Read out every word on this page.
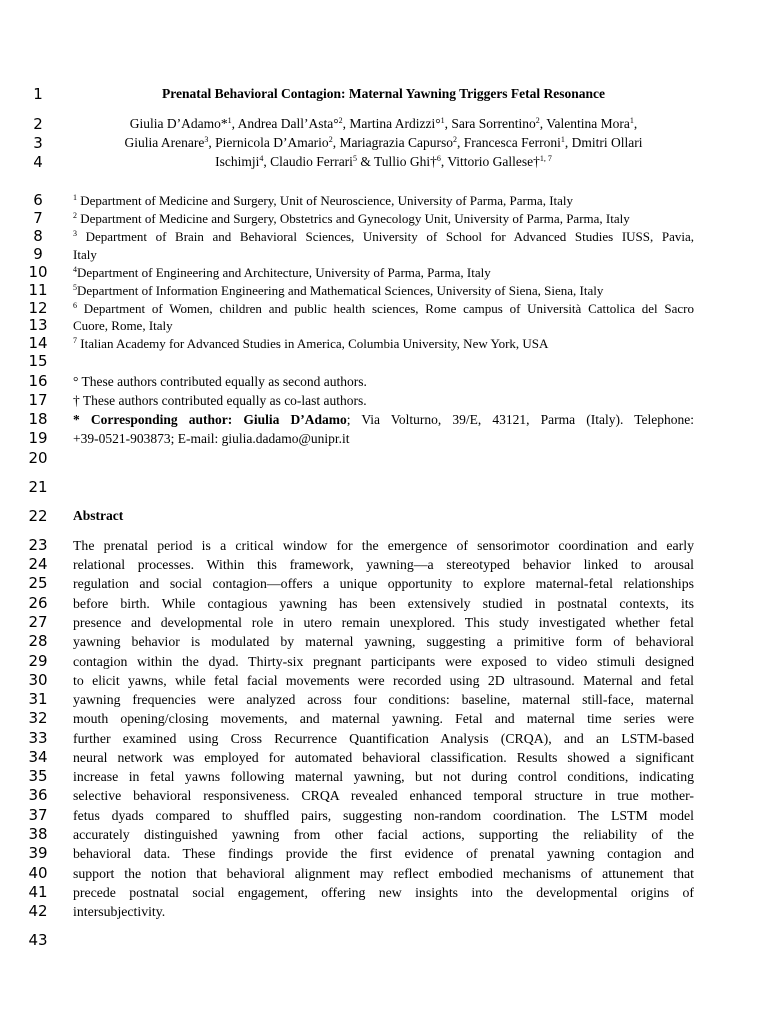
1
2
3
4
6
7
8
9
10
11
12
13
14
15
16
17
18
19
20
21
22
23
24
25
26
27
28
29
30
31
32
33
34
35
36
37
38
39
40
41
42
43
Prenatal Behavioral Contagion: Maternal Yawning Triggers Fetal Resonance
Giulia D’Adamo*$^1$, Andrea Dall’Asta°$^2$, Martina Ardizzi°$^1$, Sara Sorrentino$^2$, Valentina Mora$^1$,
Giulia Arenare$^3$, Piernicola D’Amario$^2$, Mariagrazia Capurso$^2$, Francesca Ferroni$^1$, Dmitri Ollari
Ischimji$^4$, Claudio Ferrari$^5$ & Tullio Ghi†$^6$, Vittorio Gallese†$^{1, 7}$
$^1$ Department of Medicine and Surgery, Unit of Neuroscience, University of Parma, Parma, Italy
$^2$ Department of Medicine and Surgery, Obstetrics and Gynecology Unit, University of Parma, Parma, Italy
$^3$ Department of Brain and Behavioral Sciences, University of School for Advanced Studies IUSS, Pavia,
Italy
$^4$Department of Engineering and Architecture, University of Parma, Parma, Italy
$^5$Department of Information Engineering and Mathematical Sciences, University of Siena, Siena, Italy
$^6$ Department of Women, children and public health sciences, Rome campus of Università Cattolica del Sacro
Cuore, Rome, Italy
$^7$ Italian Academy for Advanced Studies in America, Columbia University, New York, USA
° These authors contributed equally as second authors.
† These authors contributed equally as co-last authors.
* Corresponding author: Giulia D’Adamo; Via Volturno, 39/E, 43121, Parma (Italy). Telephone:
+39-0521-903873; E-mail: giulia.dadamo@unipr.it
Abstract
The prenatal period is a critical window for the emergence of sensorimotor coordination and early
relational processes. Within this framework, yawning—a stereotyped behavior linked to arousal
regulation and social contagion—offers a unique opportunity to explore maternal-fetal relationships
before birth. While contagious yawning has been extensively studied in postnatal contexts, its
presence and developmental role in utero remain unexplored. This study investigated whether fetal
yawning behavior is modulated by maternal yawning, suggesting a primitive form of behavioral
contagion within the dyad. Thirty-six pregnant participants were exposed to video stimuli designed
to elicit yawns, while fetal facial movements were recorded using 2D ultrasound. Maternal and fetal
yawning frequencies were analyzed across four conditions: baseline, maternal still-face, maternal
mouth opening/closing movements, and maternal yawning. Fetal and maternal time series were
further examined using Cross Recurrence Quantification Analysis (CRQA), and an LSTM-based
neural network was employed for automated behavioral classification. Results showed a significant
increase in fetal yawns following maternal yawning, but not during control conditions, indicating
selective behavioral responsiveness. CRQA revealed enhanced temporal structure in true mother-
fetus dyads compared to shuffled pairs, suggesting non-random coordination. The LSTM model
accurately distinguished yawning from other facial actions, supporting the reliability of the
behavioral data. These findings provide the first evidence of prenatal yawning contagion and
support the notion that behavioral alignment may reflect embodied mechanisms of attunement that
precede postnatal social engagement, offering new insights into the developmental origins of
intersubjectivity.
